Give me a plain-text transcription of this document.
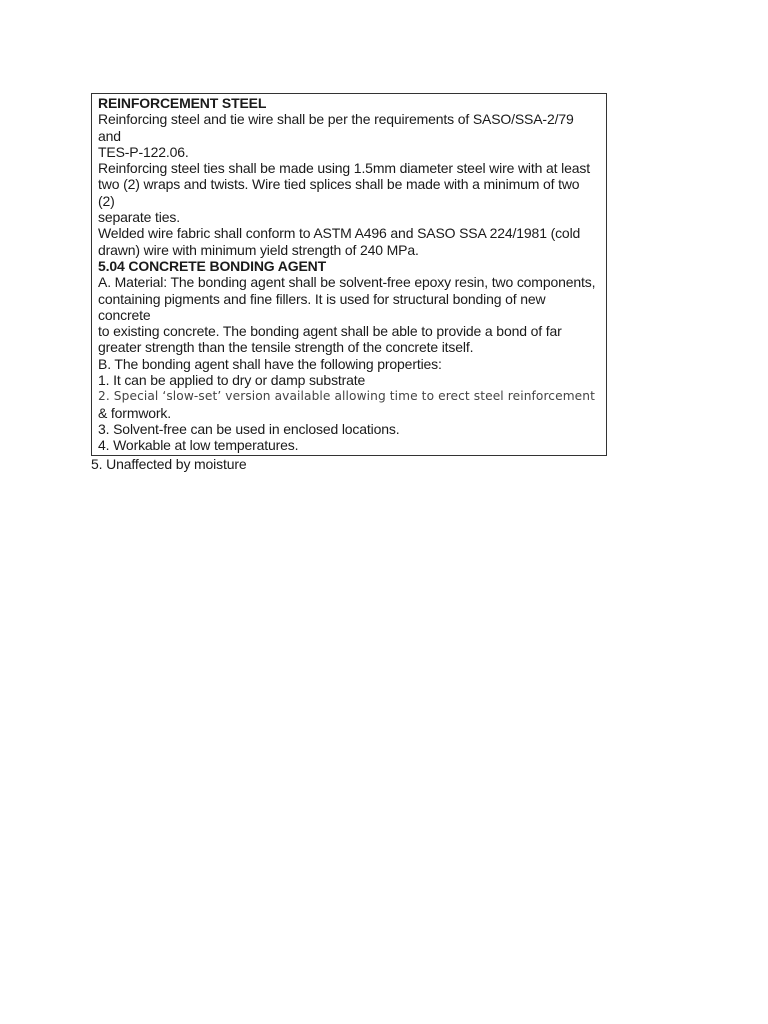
REINFORCEMENT STEEL
Reinforcing steel and tie wire shall be per the requirements of SASO/SSA-2/79
and
TES-P-122.06.
Reinforcing steel ties shall be made using 1.5mm diameter steel wire with at least
two (2) wraps and twists. Wire tied splices shall be made with a minimum of two
(2)
separate ties.
Welded wire fabric shall conform to ASTM A496 and SASO SSA 224/1981 (cold
drawn) wire with minimum yield strength of 240 MPa.
5.04 CONCRETE BONDING AGENT
A. Material: The bonding agent shall be solvent-free epoxy resin, two components,
containing pigments and fine fillers. It is used for structural bonding of new
concrete
to existing concrete. The bonding agent shall be able to provide a bond of far
greater strength than the tensile strength of the concrete itself.
B. The bonding agent shall have the following properties:
1. It can be applied to dry or damp substrate
2. Special ‘slow-set’ version available allowing time to erect steel reinforcement
& formwork.
3. Solvent-free can be used in enclosed locations.
4. Workable at low temperatures.
5. Unaffected by moisture
